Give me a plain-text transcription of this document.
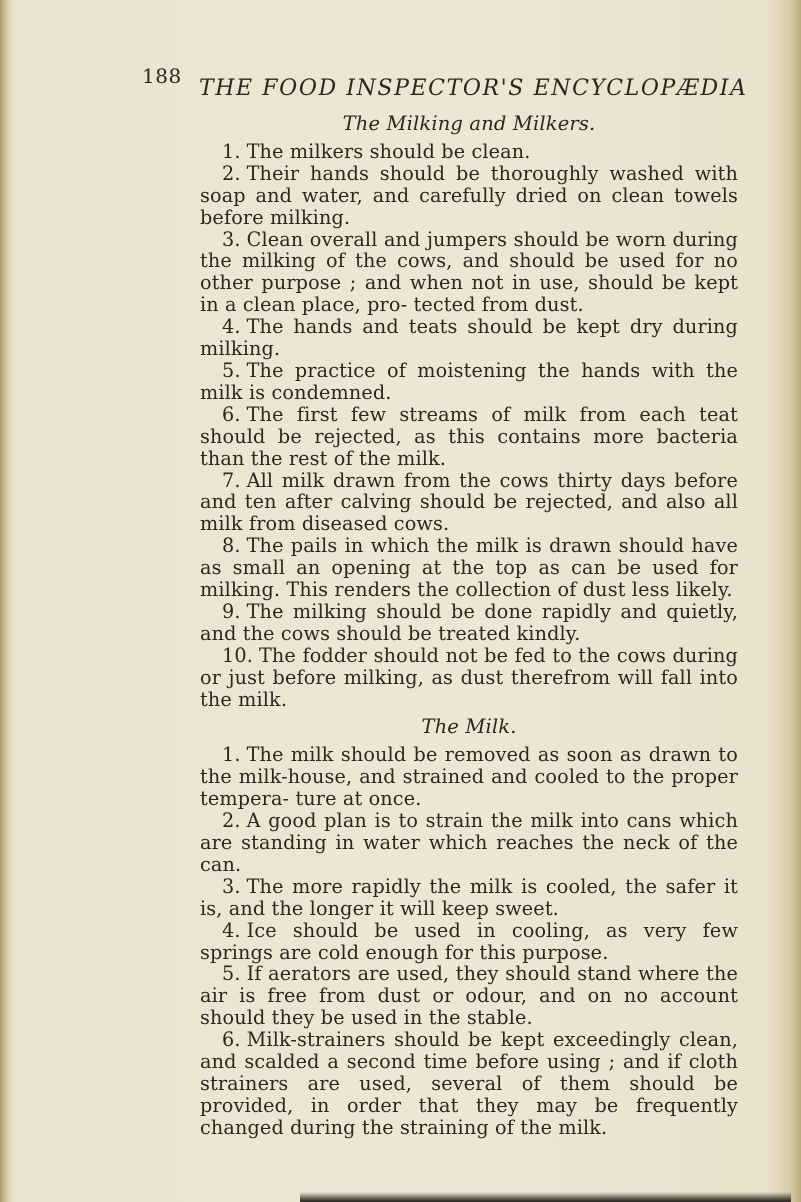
188 THE FOOD INSPECTOR'S ENCYCLOPÆDIA

The Milking and Milkers.

1. The milkers should be clean.
2. Their hands should be thoroughly washed with soap and water, and carefully dried on clean towels before milking.
3. Clean overall and jumpers should be worn during the milking of the cows, and should be used for no other purpose ; and when not in use, should be kept in a clean place, pro- tected from dust.
4. The hands and teats should be kept dry during milking.
5. The practice of moistening the hands with the milk is condemned.
6. The first few streams of milk from each teat should be rejected, as this contains more bacteria than the rest of the milk.
7. All milk drawn from the cows thirty days before and ten after calving should be rejected, and also all milk from diseased cows.
8. The pails in which the milk is drawn should have as small an opening at the top as can be used for milking. This renders the collection of dust less likely.
9. The milking should be done rapidly and quietly, and the cows should be treated kindly.
10. The fodder should not be fed to the cows during or just before milking, as dust therefrom will fall into the milk.

The Milk.

1. The milk should be removed as soon as drawn to the milk-house, and strained and cooled to the proper tempera- ture at once.
2. A good plan is to strain the milk into cans which are standing in water which reaches the neck of the can.
3. The more rapidly the milk is cooled, the safer it is, and the longer it will keep sweet.
4. Ice should be used in cooling, as very few springs are cold enough for this purpose.
5. If aerators are used, they should stand where the air is free from dust or odour, and on no account should they be used in the stable.
6. Milk-strainers should be kept exceedingly clean, and scalded a second time before using ; and if cloth strainers are used, several of them should be provided, in order that they may be frequently changed during the straining of the milk.
